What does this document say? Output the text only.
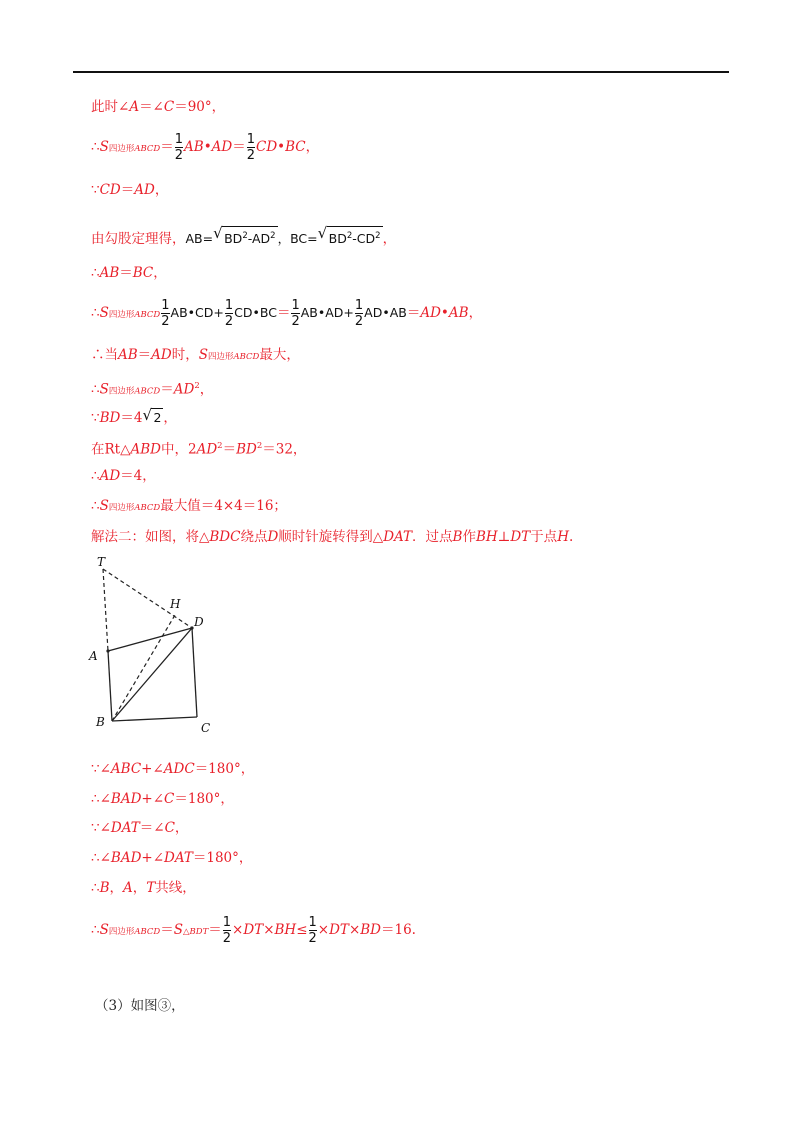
此时∠A＝∠C＝90°，
∴S四边形ABCD＝ $\frac{1}{2}$ AB•AD＝ $\frac{1}{2}$ CD•BC，
∵CD＝AD，
由勾股定理得，AB= √ $BD^2-AD^2$ ，BC= √ $BD^2-CD^2$ ，
∴AB＝BC，
∴S四边形ABCD $\frac{1}{2}$ AB•CD+ $\frac{1}{2}$ CD•BC＝ $\frac{1}{2}$ AB•AD+ $\frac{1}{2}$ AD•AB＝AD•AB，
∴当AB＝AD时，S四边形ABCD最大，
∴S四边形$ABCD=AD^2$，
∵BD＝4 √ 2 ，
在Rt△ABD中，$2AD^2=BD^2=32$，
∴AD＝4，
∴S四边形ABCD最大值＝4×4＝16；
解法二：如图，将△BDC绕点D顺时针旋转得到△DAT．过点B作BH⊥DT于点H.
T
H
D
A
B	C
∵∠ABC+∠ADC＝180°，
∴∠BAD+∠C＝180°，
∵∠DAT＝∠C，
∴∠BAD+∠DAT＝180°，
∴B，A，T共线，
∴S四边形ABCD＝S△BDT＝ $\frac{1}{2} \times DT\times BH\le \frac{1}{2} \times DT\times BD=16$.
（3）如图③，
